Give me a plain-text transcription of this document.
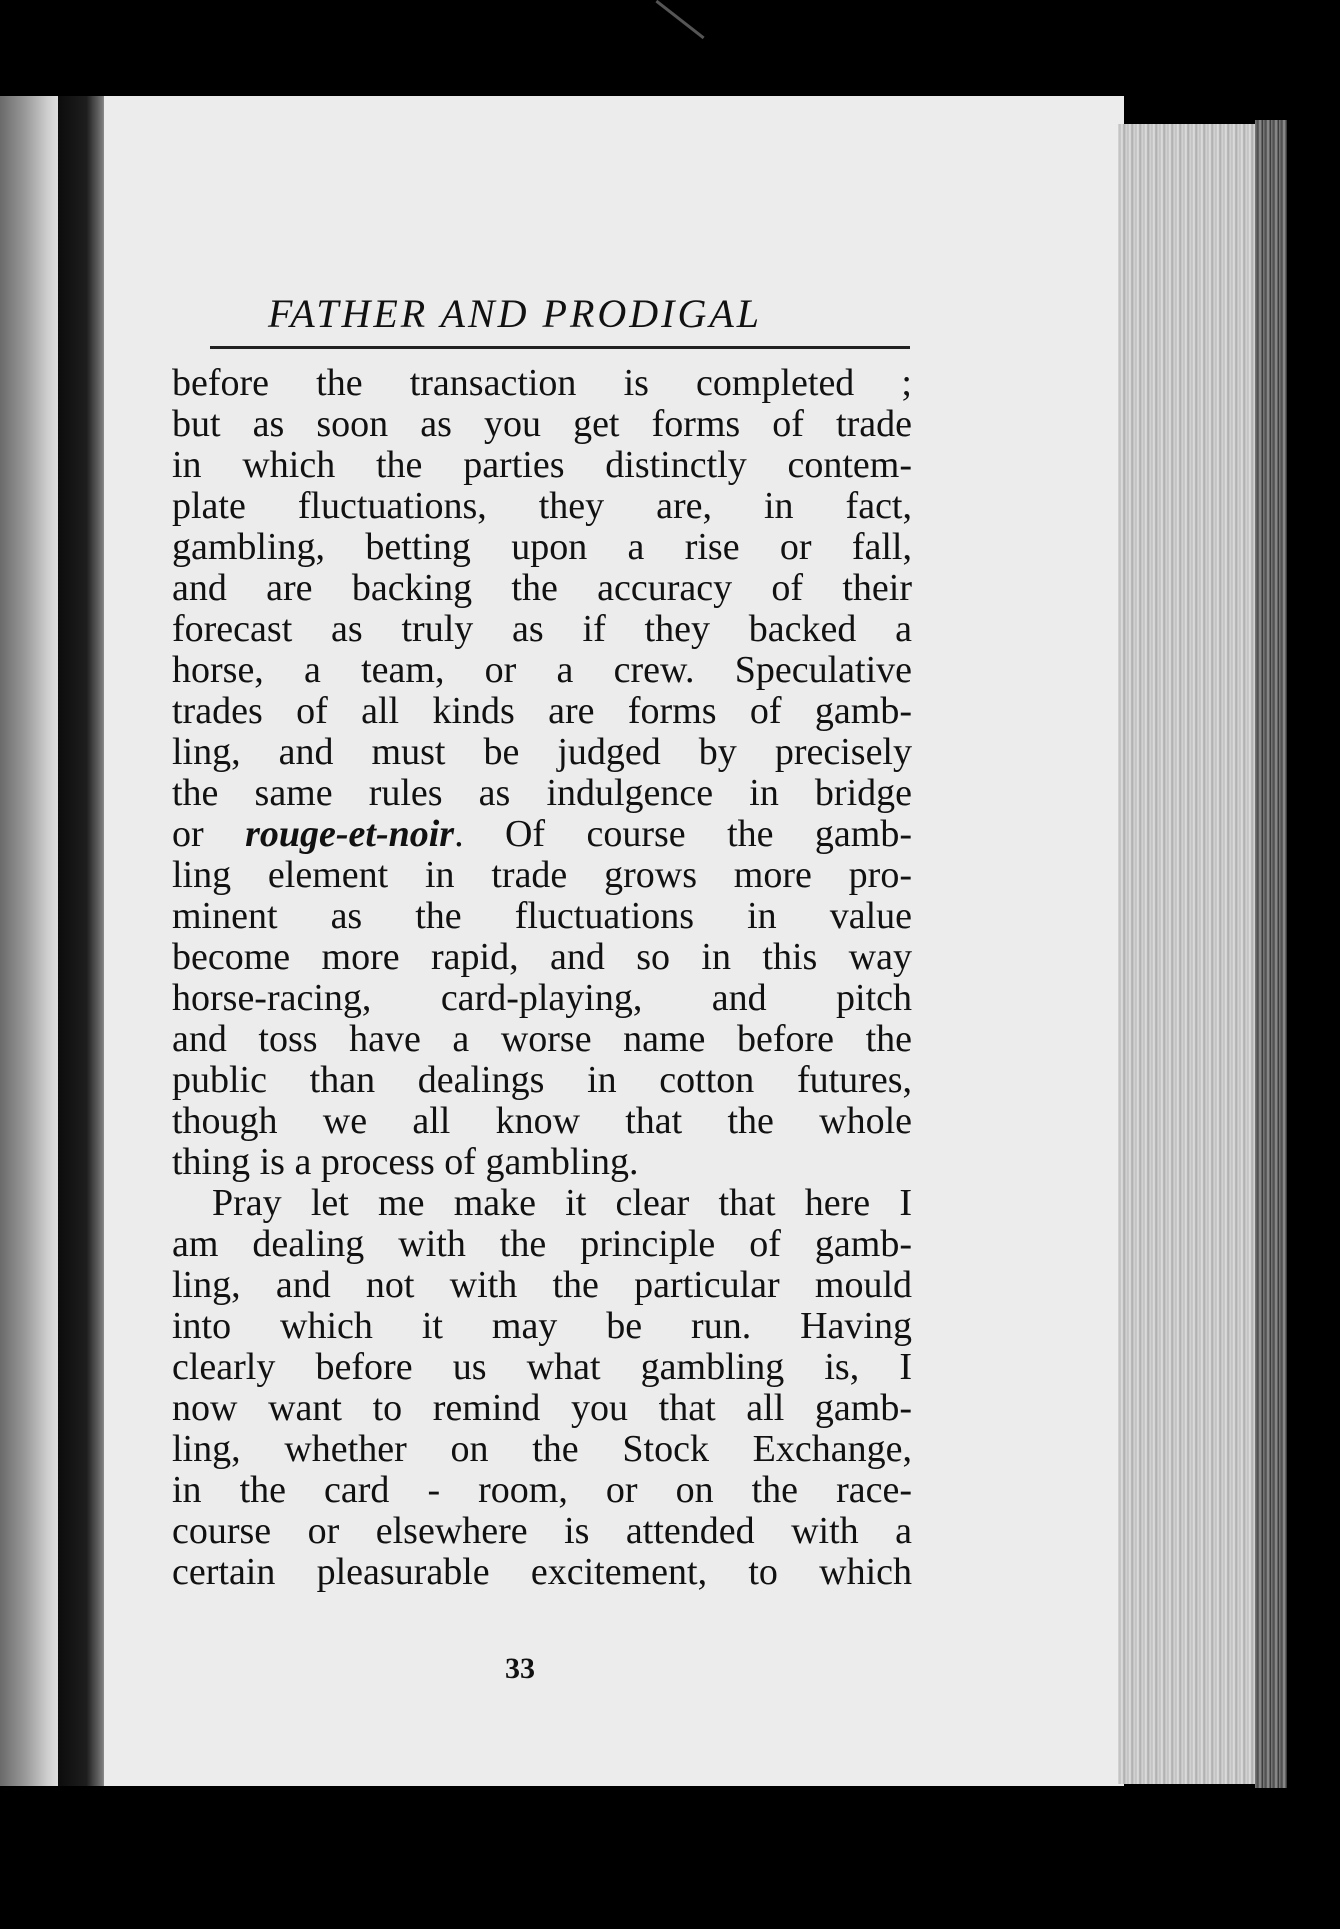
FATHER AND PRODIGAL
before the transaction is completed ;
but as soon as you get forms of trade
in which the parties distinctly contem-
plate fluctuations, they are, in fact,
gambling, betting upon a rise or fall,
and are backing the accuracy of their
forecast as truly as if they backed a
horse, a team, or a crew. Speculative
trades of all kinds are forms of gamb-
ling, and must be judged by precisely
the same rules as indulgence in bridge
or rouge-et-noir. Of course the gamb-
ling element in trade grows more pro-
minent as the fluctuations in value
become more rapid, and so in this way
horse-racing, card-playing, and pitch
and toss have a worse name before the
public than dealings in cotton futures,
though we all know that the whole
thing is a process of gambling.
Pray let me make it clear that here I
am dealing with the principle of gamb-
ling, and not with the particular mould
into which it may be run. Having
clearly before us what gambling is, I
now want to remind you that all gamb-
ling, whether on the Stock Exchange,
in the card - room, or on the race-
course or elsewhere is attended with a
certain pleasurable excitement, to which
33
